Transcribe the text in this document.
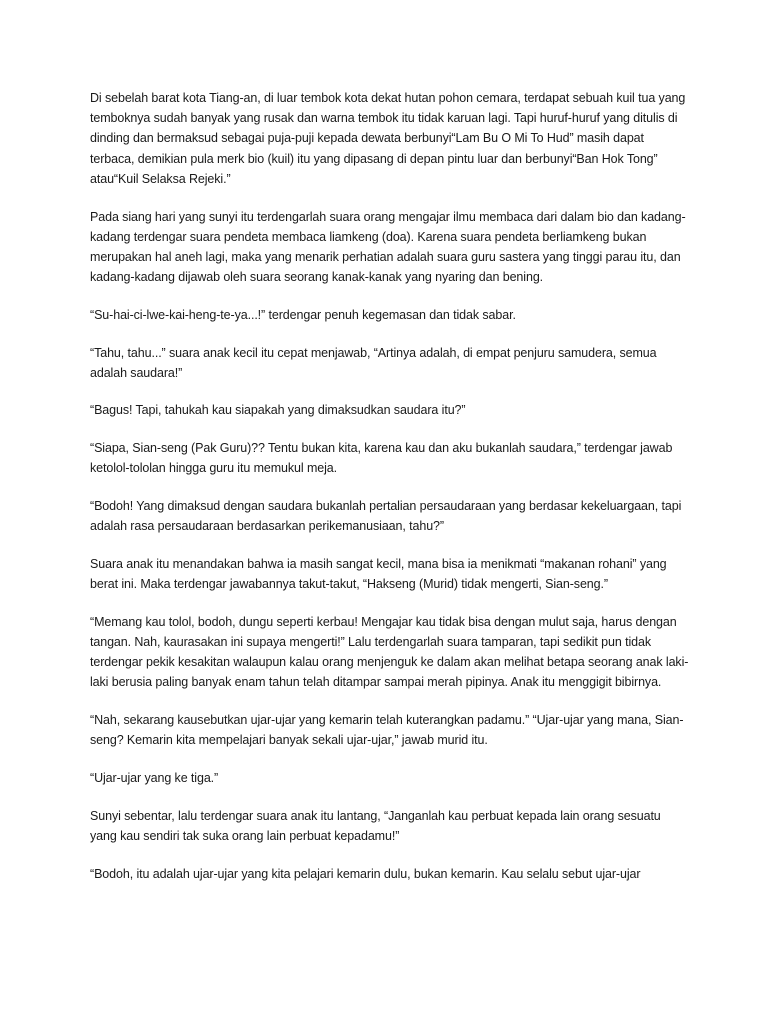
Di sebelah barat kota Tiang-an, di luar tembok kota dekat hutan pohon cemara, terdapat sebuah kuil tua yang temboknya sudah banyak yang rusak dan warna tembok itu tidak karuan lagi. Tapi huruf-huruf yang ditulis di dinding dan bermaksud sebagai puja-puji kepada dewata berbunyi“Lam Bu O Mi To Hud” masih dapat terbaca, demikian pula merk bio (kuil) itu yang dipasang di depan pintu luar dan berbunyi“Ban Hok Tong” atau“Kuil Selaksa Rejeki.”

Pada siang hari yang sunyi itu terdengarlah suara orang mengajar ilmu membaca dari dalam bio dan kadang-kadang terdengar suara pendeta membaca liamkeng (doa). Karena suara pendeta berliamkeng bukan merupakan hal aneh lagi, maka yang menarik perhatian adalah suara guru sastera yang tinggi parau itu, dan kadang-kadang dijawab oleh suara seorang kanak-kanak yang nyaring dan bening.

“Su-hai-ci-lwe-kai-heng-te-ya...!” terdengar penuh kegemasan dan tidak sabar.

“Tahu, tahu...” suara anak kecil itu cepat menjawab, “Artinya adalah, di empat penjuru samudera, semua adalah saudara!”

“Bagus! Tapi, tahukah kau siapakah yang dimaksudkan saudara itu?”

“Siapa, Sian-seng (Pak Guru)?? Tentu bukan kita, karena kau dan aku bukanlah saudara,” terdengar jawab ketolol-tololan hingga guru itu memukul meja.

“Bodoh! Yang dimaksud dengan saudara bukanlah pertalian persaudaraan yang berdasar kekeluargaan, tapi adalah rasa persaudaraan berdasarkan perikemanusiaan, tahu?”

Suara anak itu menandakan bahwa ia masih sangat kecil, mana bisa ia menikmati “makanan rohani” yang berat ini. Maka terdengar jawabannya takut-takut, “Hakseng (Murid) tidak mengerti, Sian-seng.”

“Memang kau tolol, bodoh, dungu seperti kerbau! Mengajar kau tidak bisa dengan mulut saja, harus dengan tangan. Nah, kaurasakan ini supaya mengerti!” Lalu terdengarlah suara tamparan, tapi sedikit pun tidak terdengar pekik kesakitan walaupun kalau orang menjenguk ke dalam akan melihat betapa seorang anak laki-laki berusia paling banyak enam tahun telah ditampar sampai merah pipinya. Anak itu menggigit bibirnya.

“Nah, sekarang kausebutkan ujar-ujar yang kemarin telah kuterangkan padamu.” “Ujar-ujar yang mana, Sian-seng? Kemarin kita mempelajari banyak sekali ujar-ujar,” jawab murid itu.

“Ujar-ujar yang ke tiga.”

Sunyi sebentar, lalu terdengar suara anak itu lantang, “Janganlah kau perbuat kepada lain orang sesuatu yang kau sendiri tak suka orang lain perbuat kepadamu!”

“Bodoh, itu adalah ujar-ujar yang kita pelajari kemarin dulu, bukan kemarin. Kau selalu sebut ujar-ujar
